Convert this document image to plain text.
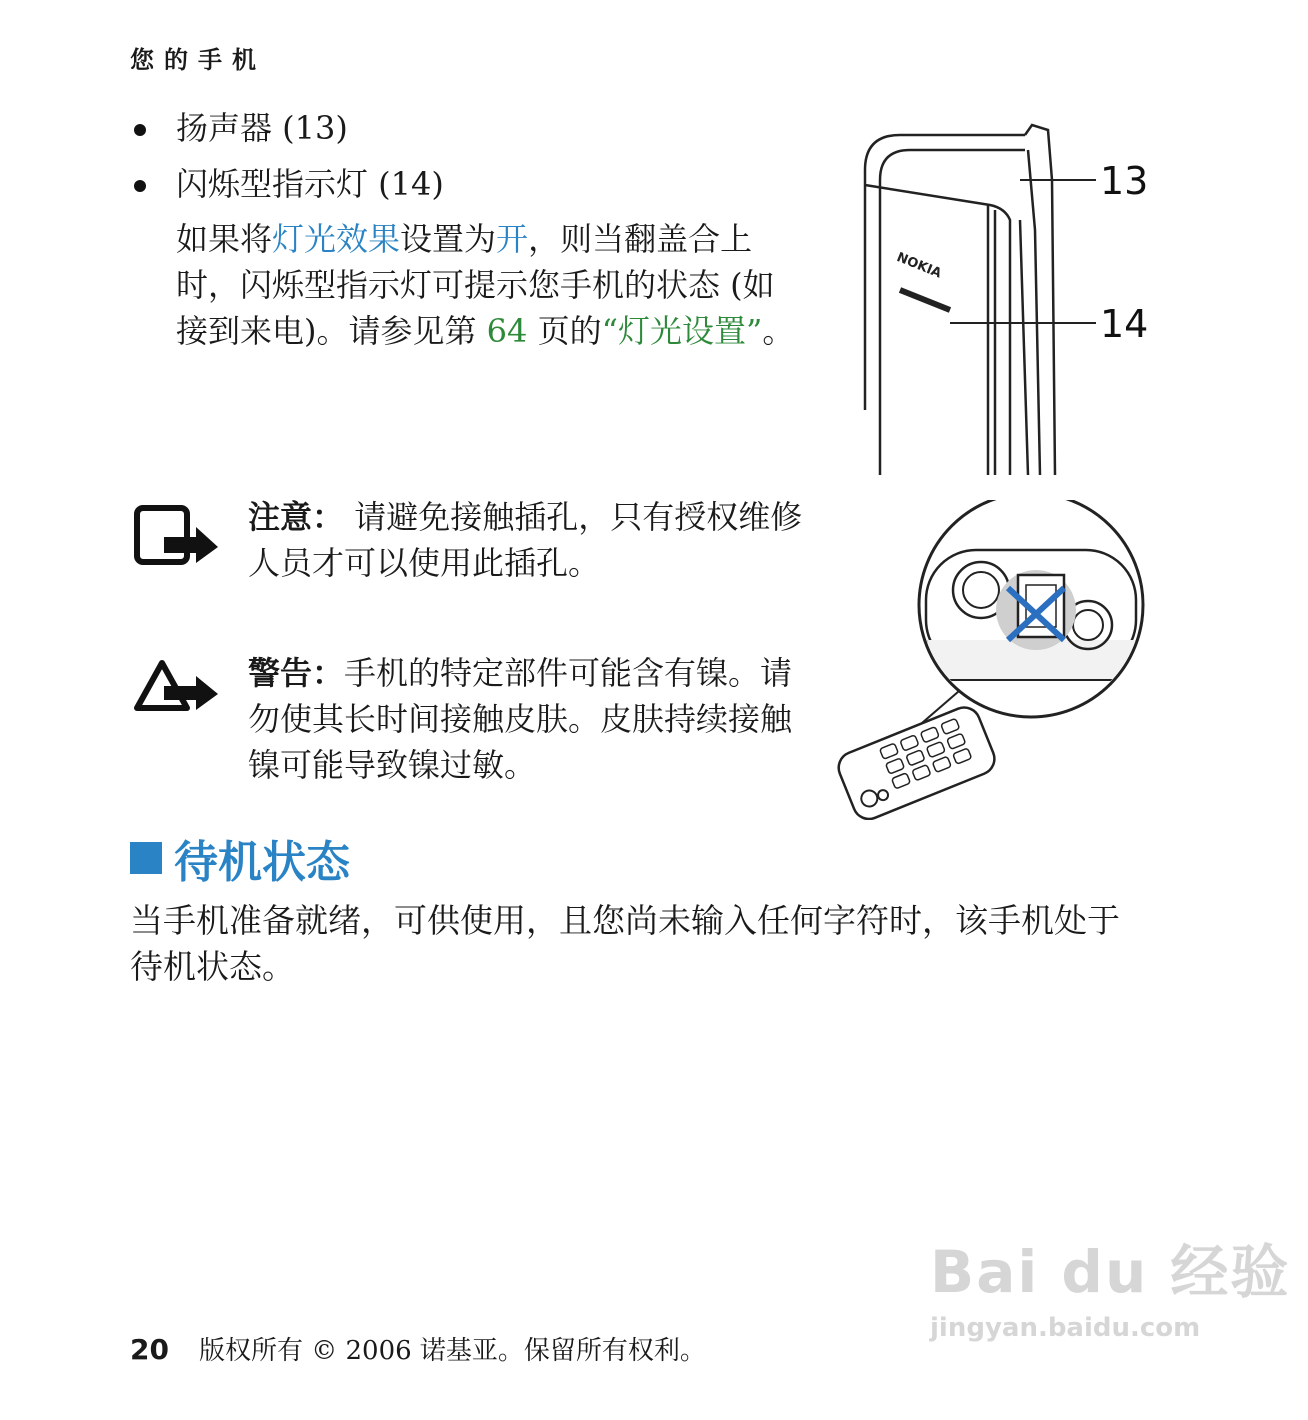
您的手机
扬声器 (13)
闪烁型指示灯 (14)
如果将灯光效果设置为开，则当翻盖合上时，闪烁型指示灯可提示您手机的状态 (如接到来电)。请参见第 64 页的“灯光设置”。
NOKIA
13
14
注意： 请避免接触插孔，只有授权维修人员才可以使用此插孔。
警告：手机的特定部件可能含有镍。请勿使其长时间接触皮肤。皮肤持续接触镍可能导致镍过敏。
待机状态
当手机准备就绪，可供使用，且您尚未输入任何字符时，该手机处于待机状态。
20 版权所有 © 2006 诺基亚。保留所有权利。
Bai du 经验
jingyan.baidu.com
